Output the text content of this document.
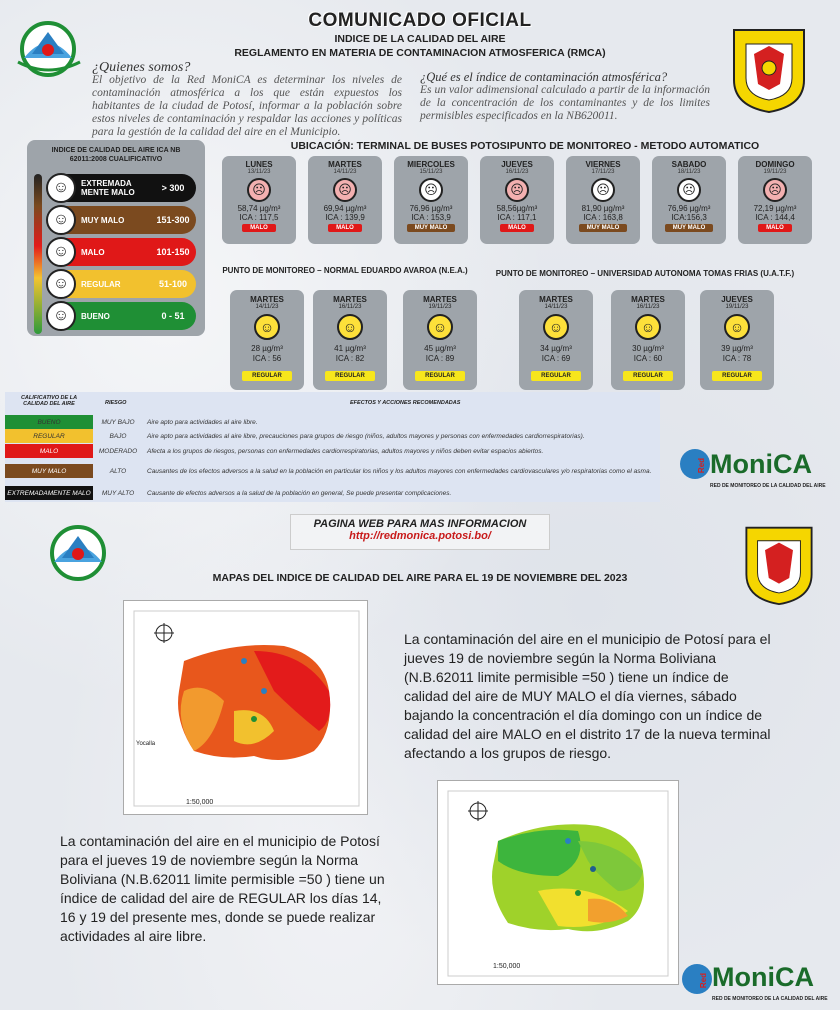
COMUNICADO OFICIAL
INDICE DE LA CALIDAD DEL AIRE
REGLAMENTO EN MATERIA DE CONTAMINACION ATMOSFERICA (RMCA)
¿Quienes somos?
El objetivo de la Red MoniCA es determinar los niveles de contaminación atmosférica a los que están expuestos los habitantes de la ciudad de Potosí, informar a la población sobre estos niveles de contaminación y respaldar las acciones y políticas para la gestión de la calidad del aire en el Municipio.
¿Qué es el índice de contaminación atmosférica?
Es un valor adimensional calculado a partir de la información de la concentración de los contaminantes y de los limites permisibles especificados en la NB620011.
INDICE DE CALIDAD DEL AIRE ICA NB 62011:2008 CUALIFICATIVO
☺	EXTREMADA MENTE MALO	> 300
☺	MUY MALO	151-300
☺	MALO	101-150
☺	REGULAR	51-100
☺	BUENO	0 - 51
UBICACIÓN: TERMINAL DE BUSES POTOSIPUNTO DE MONITOREO - METODO AUTOMATICO
LUNES
13/11/23
☹
58,74 µg/m³
ICA : 117,5
MALO
MARTES
14/11/23
☹
69,94 µg/m³
ICA : 139,9
MALO
MIERCOLES
15/11/23
☹
76,96 µg/m³
ICA : 153,9
MUY MALO
JUEVES
16/11/23
☹
58,56µg/m³
ICA : 117,1
MALO
VIERNES
17/11/23
☹
81,90 µg/m³
ICA : 163,8
MUY MALO
SABADO
18/11/23
☹
76,96 µg/m³
ICA:156,3
MUY MALO
DOMINGO
19/11/23
☹
72,19 µg/m³
ICA : 144,4
MALO
PUNTO DE MONITOREO – NORMAL EDUARDO AVAROA (N.E.A.)
MARTES
14/11/23
☺
28 µg/m³
ICA : 56
REGULAR
MARTES
16/11/23
☺
41 µg/m³
ICA : 82
REGULAR
MARTES
19/11/23
☺
45 µg/m³
ICA : 89
REGULAR
PUNTO DE MONITOREO – UNIVERSIDAD AUTONOMA TOMAS FRIAS (U.A.T.F.)
MARTES
14/11/23
☺
34 µg/m³
ICA : 69
REGULAR
MARTES
16/11/23
☺
30 µg/m³
ICA : 60
REGULAR
JUEVES
19/11/23
☺
39 µg/m³
ICA : 78
REGULAR
CALIFICATIVO DE LA CALIDAD DEL AIRE	RIESGO	EFECTOS Y ACCIONES RECOMENDADAS
BUENO	MUY BAJO	Aire apto para actividades al aire libre.
REGULAR	BAJO	Aire apto para actividades al aire libre, precauciones para grupos de riesgo (niños, adultos mayores y personas con enfermedades cardiorrespiratorias).
MALO	MODERADO	Afecta a los grupos de riesgos, personas con enfermedades cardiorrespiratorias, adultos mayores y niños deben evitar espacios abiertos.
MUY MALO	ALTO	Causantes de los efectos adversos a la salud en la población en particular los niños y los adultos mayores con enfermedades cardiovasculares y/o respiratorias como el asma.
EXTREMADAMENTE MALO	MUY ALTO	Causante de efectos adversos a la salud de la población en general, Se puede presentar complicaciones.
Red MoniCA
RED DE MONITOREO DE LA CALIDAD DEL AIRE
PAGINA WEB PARA MAS INFORMACION
http://redmonica.potosi.bo/
MAPAS DEL INDICE DE CALIDAD DEL AIRE PARA EL 19 DE NOVIEMBRE DEL 2023
1:50,000
Yocalla
La contaminación del aire en el municipio de Potosí para el jueves 19 de noviembre según la Norma Boliviana (N.B.62011 limite permisible =50 ) tiene un índice de calidad del aire de MUY MALO el día viernes, sábado bajando la concentración el día domingo con un índice de calidad del aire MALO en el distrito 17 de la nueva terminal afectando a los grupos de riesgo.
1:50,000
La contaminación del aire en el municipio de Potosí para el jueves 19 de noviembre según la Norma Boliviana (N.B.62011 limite permisible =50 ) tiene un índice de calidad del aire de REGULAR los días 14, 16 y 19 del presente mes, donde se puede realizar actividades al aire libre.
Red MoniCA
RED DE MONITOREO DE LA CALIDAD DEL AIRE
